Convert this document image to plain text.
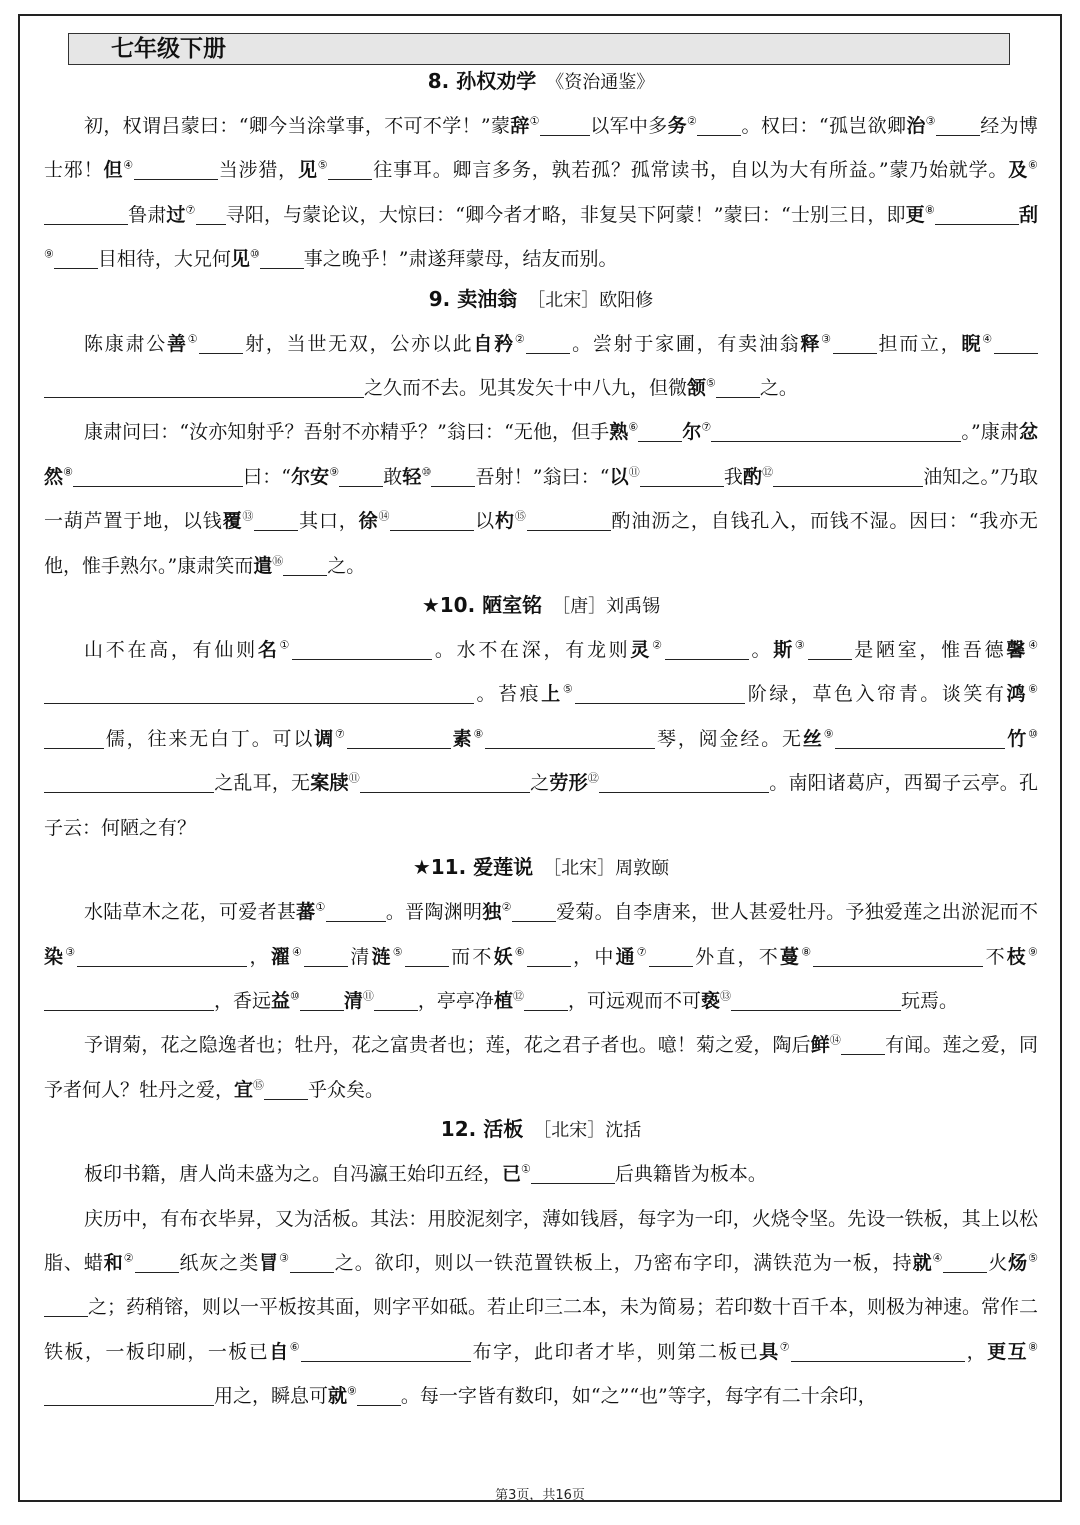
七年级下册
8. 孙权劝学 《资治通鉴》

初，权谓吕蒙曰：“卿今当涂掌事，不可不学！”蒙辞①	以军中多务② 。权曰：“孤岂欲卿治③ 经为博士邪！但④	当涉猎，见⑤ 往事耳。卿言多务，孰若孤？孤常读书，自以为大有所益。”蒙乃始就学。及⑥鲁肃过⑦ 寻阳，与蒙论议，大惊曰：“卿今者才略，非复吴下阿蒙！”蒙曰：“士别三日，即更⑧	刮⑨ 目相待，大兄何见⑩ 事之晚乎！”肃遂拜蒙母，结友而别。

9. 卖油翁 ［北宋］欧阳修

陈康肃公善① 射，当世无双，公亦以此自矜② 。尝射于家圃，有卖油翁释③ 担而立，睨④之久而不去。见其发矢十中八九，但微颔⑤ 之。

康肃问曰：“汝亦知射乎？吾射不亦精乎？”翁曰：“无他，但手熟⑥ 尔⑦	。”康肃忿然⑧	曰：“尔安⑨ 敢轻⑩ 吾射！”翁曰：“以⑪	我酌⑫	油知之。”乃取一葫芦置于地，以钱覆⑬ 其口，徐⑭	以杓⑮	酌油沥之，自钱孔入，而钱不湿。因曰：“我亦无他，惟手熟尔。”康肃笑而遣⑯ 之。

★10. 陋室铭 ［唐］刘禹锡

山不在高，有仙则名①	。水不在深，有龙则灵②	。斯③ 是陋室，惟吾德馨④。苔痕上⑤	阶绿，草色入帘青。谈笑有鸿⑥儒，往来无白丁。可以调⑦	素⑧	琴，阅金经。无丝⑨	竹⑩之乱耳，无案牍⑪	之劳形⑫	。南阳诸葛庐，西蜀子云亭。孔子云：何陋之有？

★11. 爱莲说 ［北宋］周敦颐

水陆草木之花，可爱者甚蕃①	。晋陶渊明独② 爱菊。自李唐来，世人甚爱牡丹。予独爱莲之出淤泥而不染③	，濯④ 清涟⑤ 而不妖⑥ ，中通⑦ 外直，不蔓⑧	不枝⑨，香远益⑩ 清⑪ ，亭亭净植⑫ ，可远观而不可亵⑬	玩焉。

予谓菊，花之隐逸者也；牡丹，花之富贵者也；莲，花之君子者也。噫！菊之爱，陶后鲜⑭ 有闻。莲之爱，同予者何人？牡丹之爱，宜⑮ 乎众矣。

12. 活板 ［北宋］沈括

板印书籍，唐人尚未盛为之。自冯瀛王始印五经，已①	后典籍皆为板本。

庆历中，有布衣毕昇，又为活板。其法：用胶泥刻字，薄如钱唇，每字为一印，火烧令坚。先设一铁板，其上以松脂、蜡和② 纸灰之类冒③ 之。欲印，则以一铁范置铁板上，乃密布字印，满铁范为一板，持就④ 火炀⑤之；药稍镕，则以一平板按其面，则字平如砥。若止印三二本，未为简易；若印数十百千本，则极为神速。常作二铁板，一板印刷，一板已自⑥	布字，此印者才毕，则第二板已具⑦	，更互⑧用之，瞬息可就⑨ 。每一字皆有数印，如“之”“也”等字，每字有二十余印，

第3页，共16页
